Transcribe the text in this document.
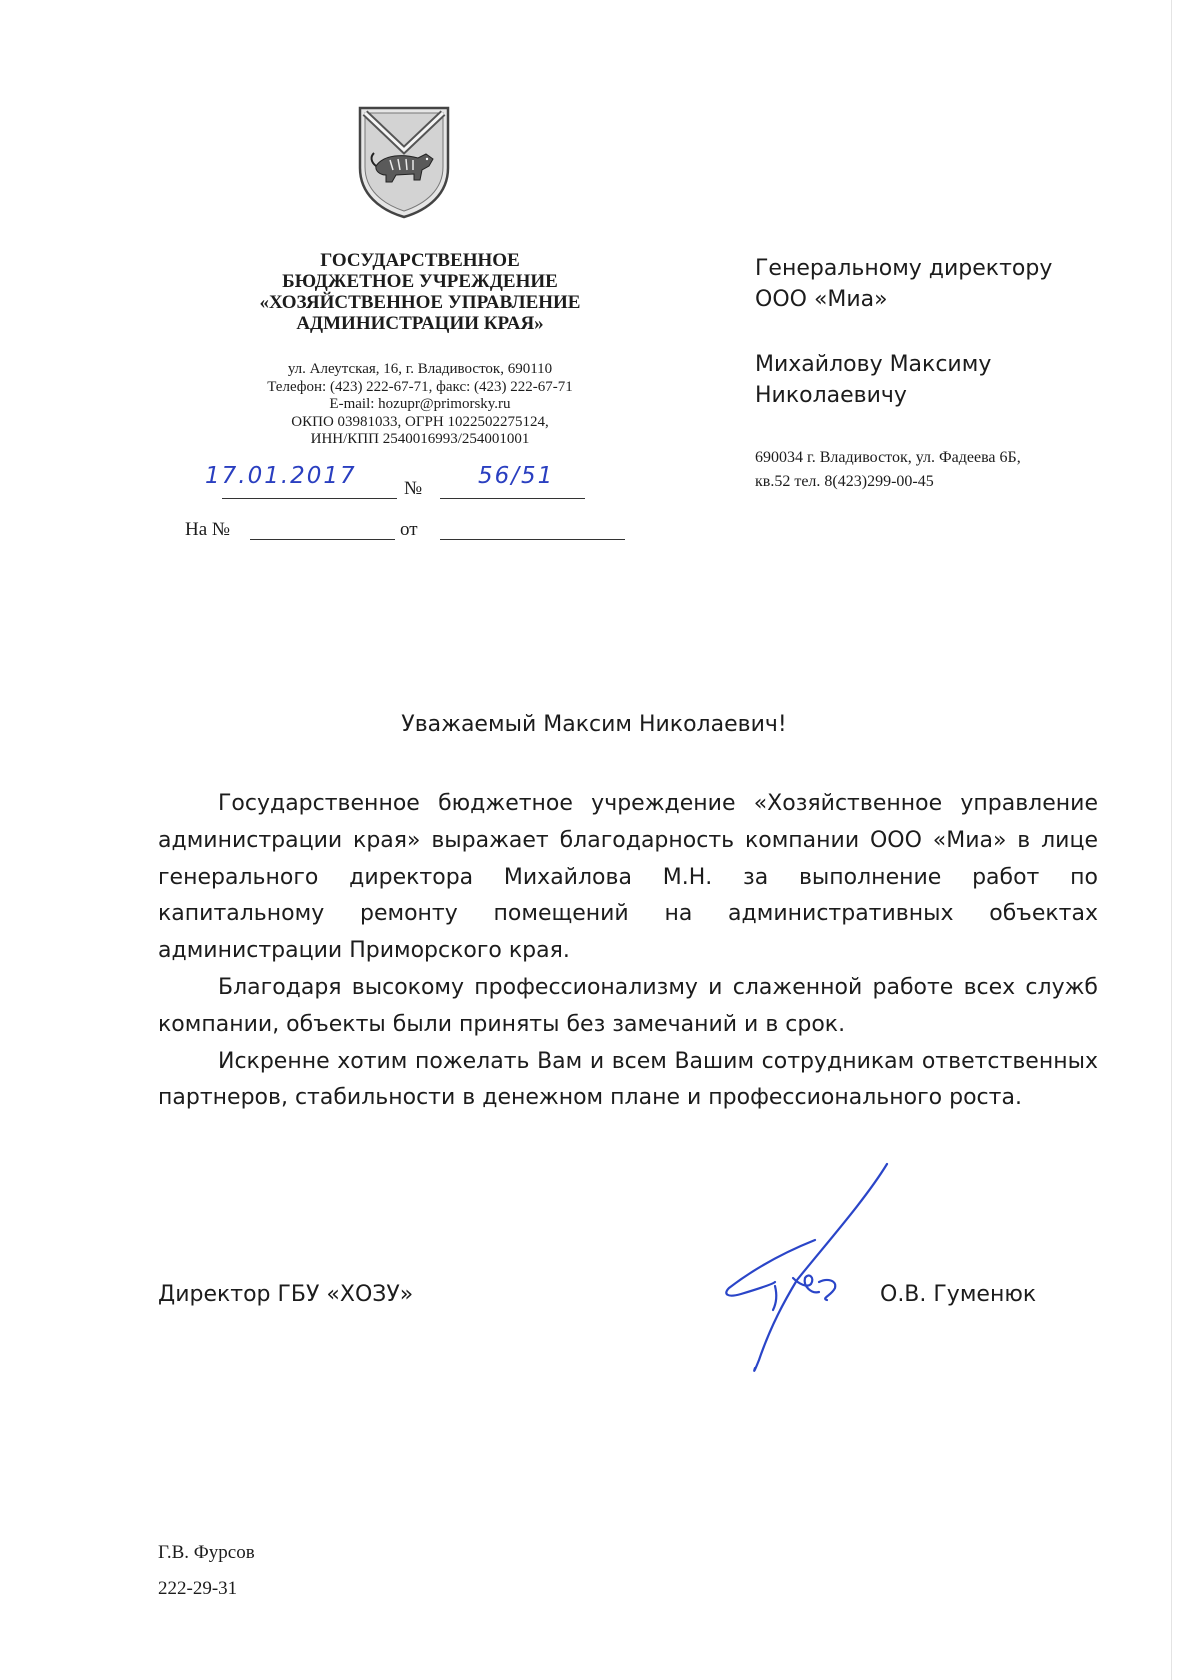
ГОСУДАРСТВЕННОЕ
БЮДЖЕТНОЕ УЧРЕЖДЕНИЕ
«ХОЗЯЙСТВЕННОЕ УПРАВЛЕНИЕ
АДМИНИСТРАЦИИ КРАЯ»
ул. Алеутская, 16, г. Владивосток, 690110
Телефон: (423) 222-67-71, факс: (423) 222-67-71
E-mail: hozupr@primorsky.ru
ОКПО 03981033, ОГРН 1022502275124,
ИНН/КПП 2540016993/254001001
17.01.2017 № 56/51
На №	от
Генеральному директору
ООО «Миа»
Михайлову Максиму
Николаевичу
690034 г. Владивосток, ул. Фадеева 6Б,
кв.52 тел. 8(423)299-00-45
Уважаемый Максим Николаевич!

Государственное бюджетное учреждение «Хозяйственное управление администрации края» выражает благодарность компании ООО «Миа» в лице генерального директора Михайлова М.Н. за выполнение работ по капитальному ремонту помещений на административных объектах администрации Приморского края.

Благодаря высокому профессионализму и слаженной работе всех служб компании, объекты были приняты без замечаний и в срок.

Искренне хотим пожелать Вам и всем Вашим сотрудникам ответственных партнеров, стабильности в денежном плане и профессионального роста.

Директор ГБУ «ХОЗУ»	О.В. Гуменюк
Г.В. Фурсов
222-29-31
